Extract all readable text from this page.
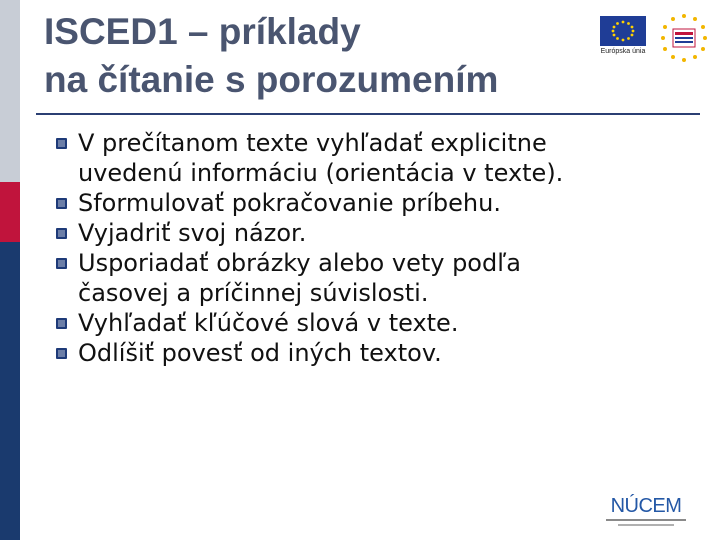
ISCED1 – príklady
na čítanie s porozumením
Európska únia
V prečítanom texte vyhľadať explicitne
uvedenú informáciu (orientácia v texte).
Sformulovať pokračovanie príbehu.
Vyjadriť svoj názor.
Usporiadať obrázky alebo vety podľa
časovej a príčinnej súvislosti.
Vyhľadať kľúčové slová v texte.
Odlíšiť povesť od iných textov.
NÚCEM
